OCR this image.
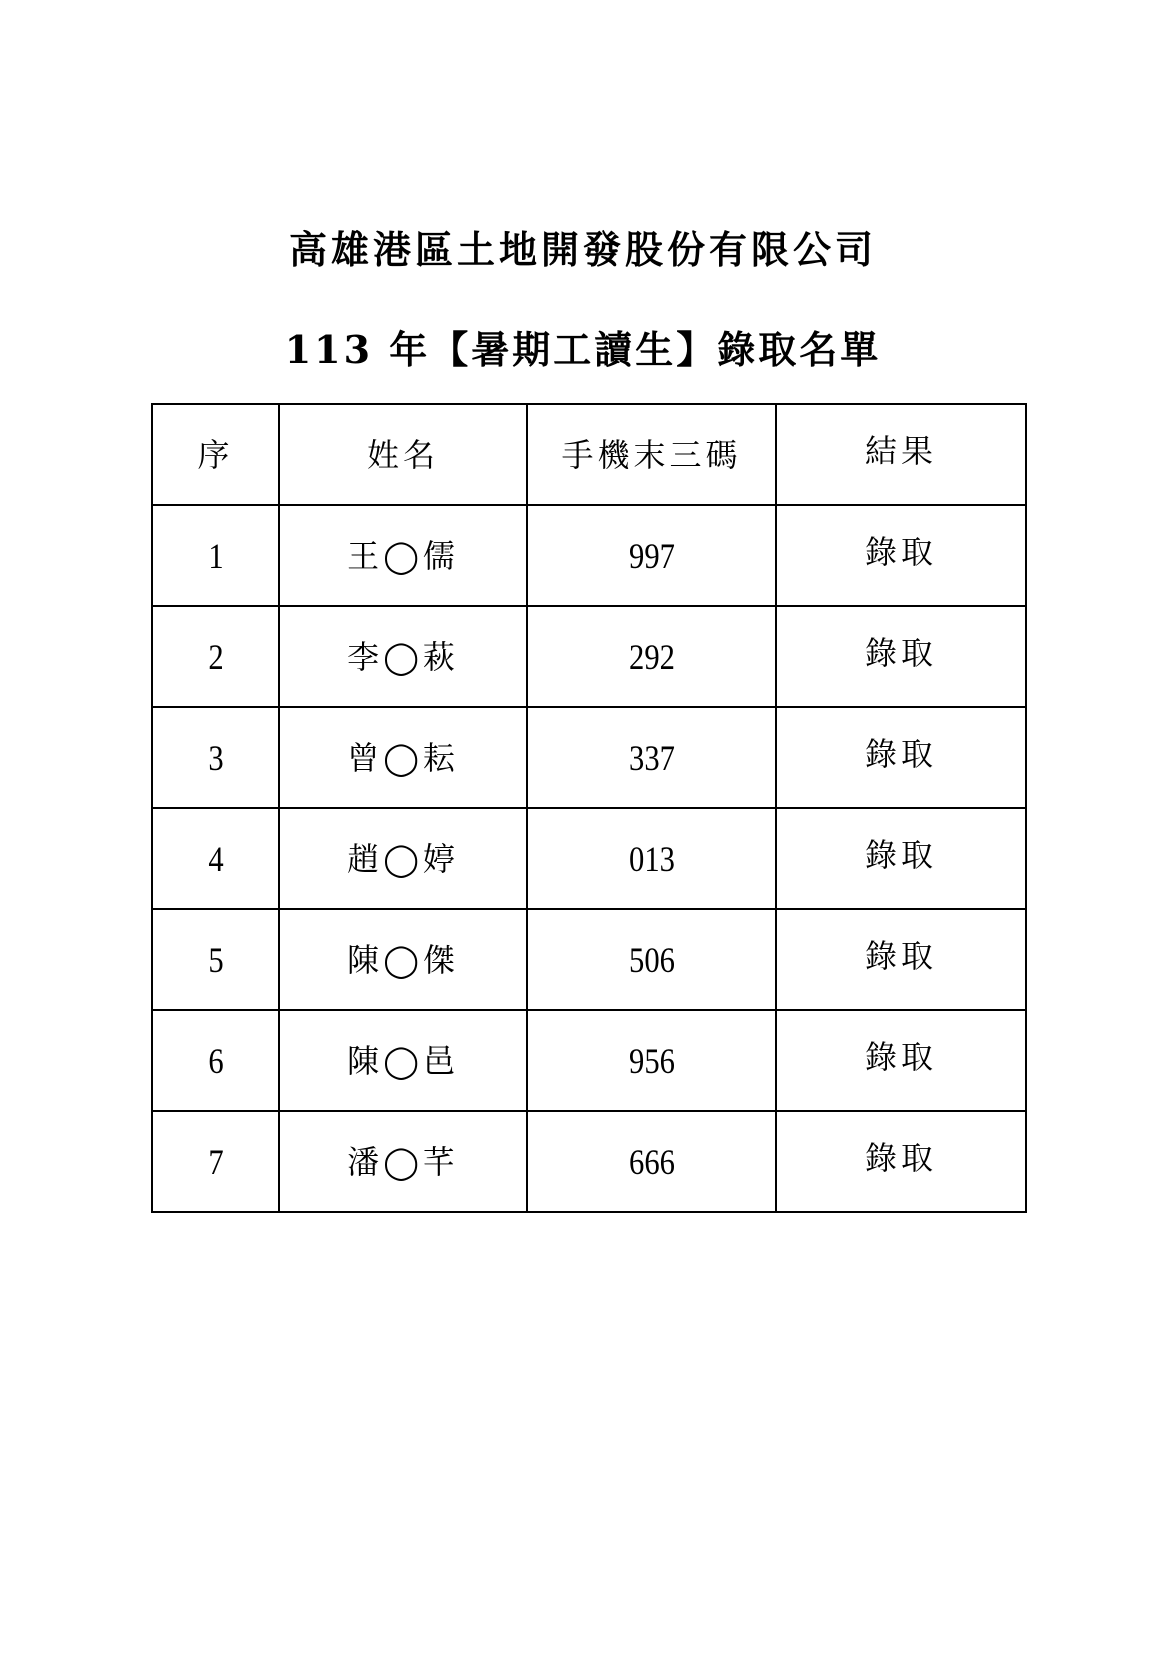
高雄港區土地開發股份有限公司
113 年【暑期工讀生】錄取名單
序	姓名	手機末三碼	結果
1	王◯儒	997	錄取
2	李◯萩	292	錄取
3	曾◯耘	337	錄取
4	趙◯婷	013	錄取
5	陳◯傑	506	錄取
6	陳◯邑	956	錄取
7	潘◯芊	666	錄取
